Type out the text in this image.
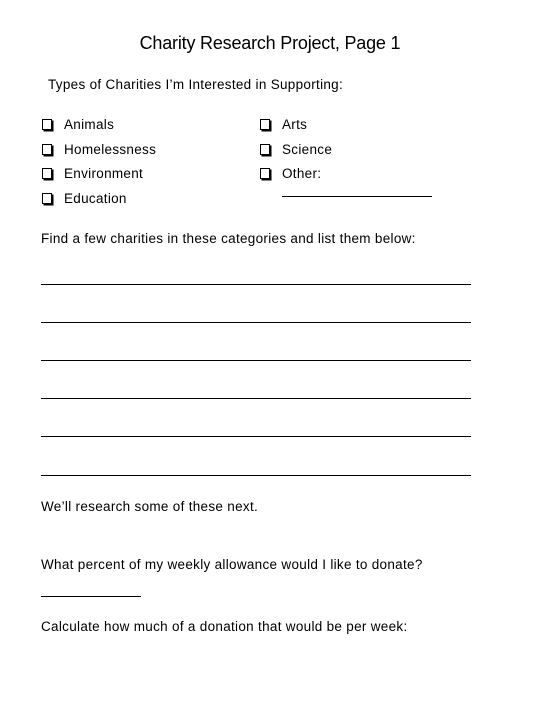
Charity Research Project, Page 1
Types of Charities I’m Interested in Supporting:
Animals
Homelessness
Environment
Education
Arts
Science
Other:
Find a few charities in these categories and list them below:
We’ll research some of these next.
What percent of my weekly allowance would I like to donate?
Calculate how much of a donation that would be per week:
